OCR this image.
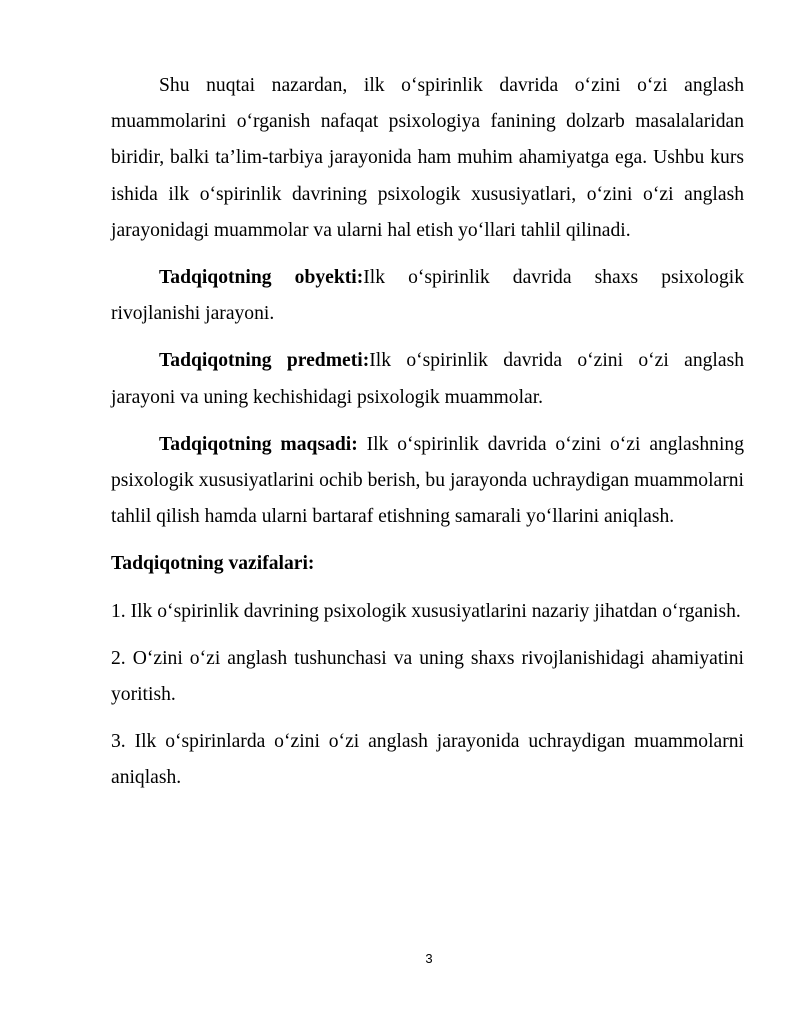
Shu nuqtai nazardan, ilk o‘spirinlik davrida o‘zini o‘zi anglash muammolarini o‘rganish nafaqat psixologiya fanining dolzarb masalalaridan biridir, balki ta’lim-tarbiya jarayonida ham muhim ahamiyatga ega. Ushbu kurs ishida ilk o‘spirinlik davrining psixologik xususiyatlari, o‘zini o‘zi anglash jarayonidagi muammolar va ularni hal etish yo‘llari tahlil qilinadi.

Tadqiqotning obyekti:Ilk o‘spirinlik davrida shaxs psixologik rivojlanishi jarayoni.

Tadqiqotning predmeti:Ilk o‘spirinlik davrida o‘zini o‘zi anglash jarayoni va uning kechishidagi psixologik muammolar.

Tadqiqotning maqsadi: Ilk o‘spirinlik davrida o‘zini o‘zi anglashning psixologik xususiyatlarini ochib berish, bu jarayonda uchraydigan muammolarni tahlil qilish hamda ularni bartaraf etishning samarali yo‘llarini aniqlash.

Tadqiqotning vazifalari:

1. Ilk o‘spirinlik davrining psixologik xususiyatlarini nazariy jihatdan o‘rganish.

2. O‘zini o‘zi anglash tushunchasi va uning shaxs rivojlanishidagi ahamiyatini yoritish.

3. Ilk o‘spirinlarda o‘zini o‘zi anglash jarayonida uchraydigan muammolarni aniqlash.

3
